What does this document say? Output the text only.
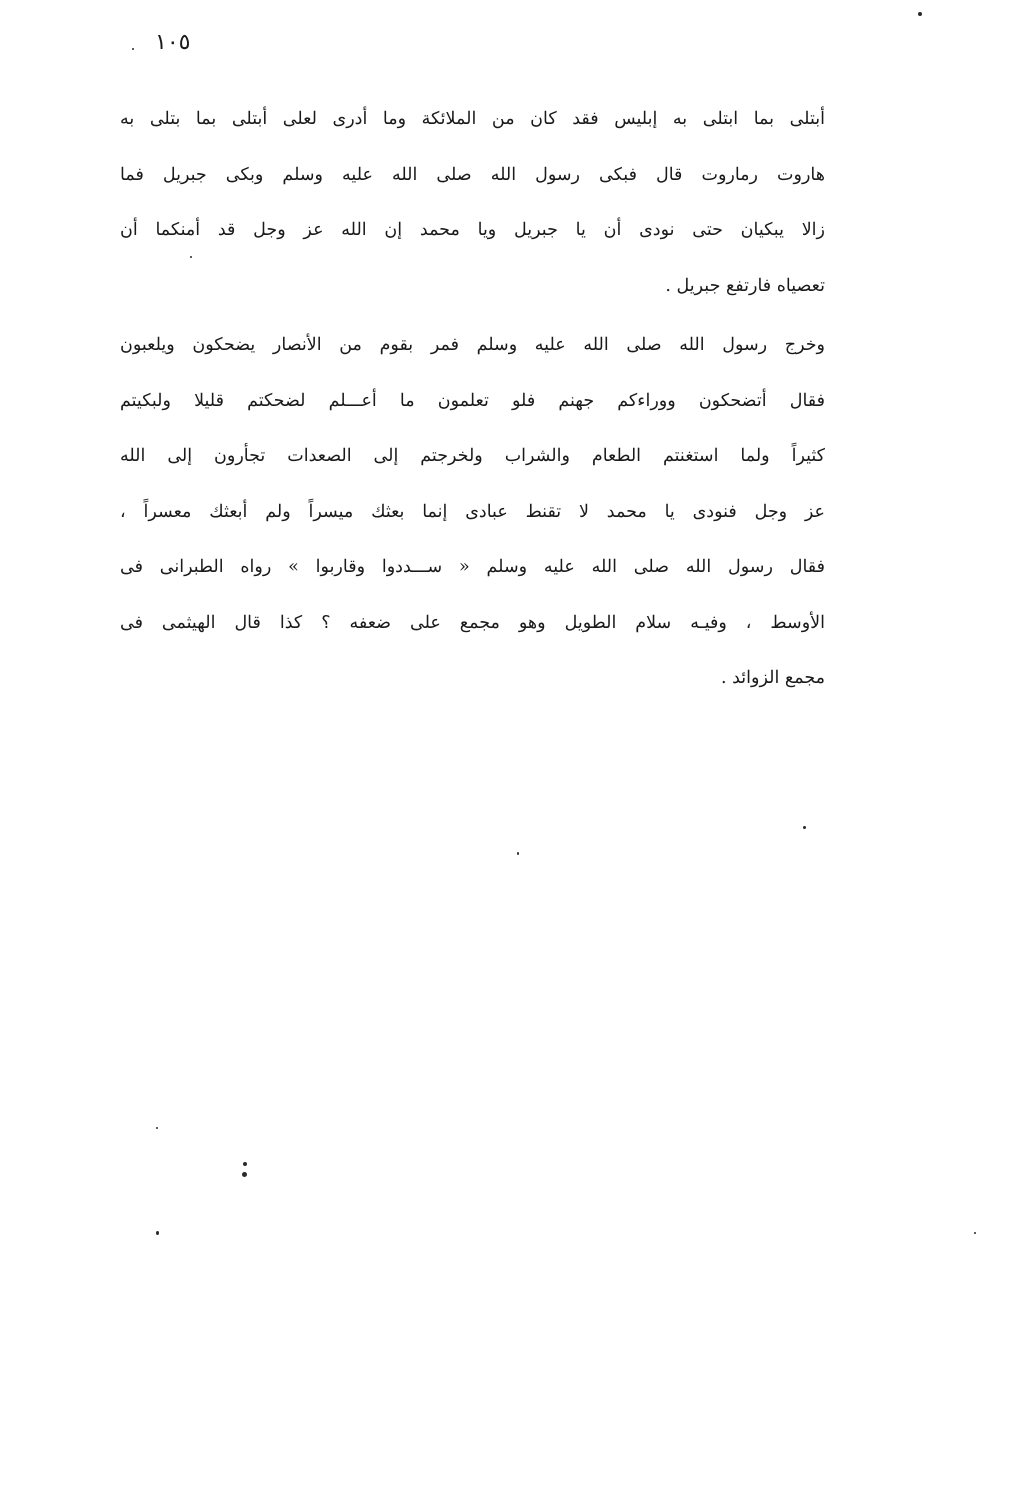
١٠٥

أبتلى بما ابتلى به إبليس فقد كان من الملائكة وما أدرى لعلى أبتلى بما بتلى به
هاروت رماروت قال فبكى رسول الله صلى الله عليه وسلم وبكى جبريل فما
زالا يبكيان حتى نودى أن يا جبريل ويا محمد إن الله عز وجل قد أمنكما أن
تعصياه فارتفع جبريل .

وخرج رسول الله صلى الله عليه وسلم فمر بقوم من الأنصار يضحكون ويلعبون
فقال أتضحكون ووراءكم جهنم فلو تعلمون ما أعـــلم لضحكتم قليلا ولبكيتم
كثيراً ولما استغنتم الطعام والشراب ولخرجتم إلى الصعدات تجأرون إلى الله
عز وجل فنودى يا محمد لا تقنط عبادى إنما بعثك ميسراً ولم أبعثك معسراً ،
فقال رسول الله صلى الله عليه وسلم « ســـددوا وقاربوا » رواه الطبرانى فى
الأوسط ، وفيـه سلام الطويل وهو مجمع على ضعفه ؟ كذا قال الهيثمى فى
مجمع الزوائد .
